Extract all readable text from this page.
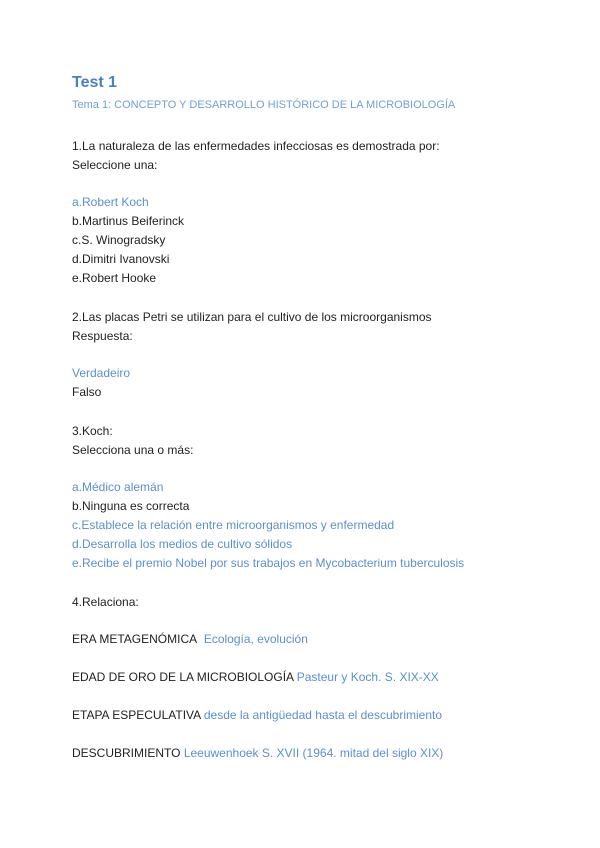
Test 1
Tema 1: CONCEPTO Y DESARROLLO HISTÓRICO DE LA MICROBIOLOGÍA
1.La naturaleza de las enfermedades infecciosas es demostrada por:
Seleccione una:
a.Robert Koch
b.Martinus Beiferinck
c.S. Winogradsky
d.Dimitri Ivanovski
e.Robert Hooke
2.Las placas Petri se utilizan para el cultivo de los microorganismos
Respuesta:
Verdadeiro
Falso
3.Koch:
Selecciona una o más:
a.Médico alemán
b.Ninguna es correcta
c.Establece la relación entre microorganismos y enfermedad
d.Desarrolla los medios de cultivo sólidos
e.Recibe el premio Nobel por sus trabajos en Mycobacterium tuberculosis
4.Relaciona:
ERA METAGENÓMICA Ecología, evolución
EDAD DE ORO DE LA MICROBIOLOGÍA Pasteur y Koch. S. XIX-XX
ETAPA ESPECULATIVA desde la antigüedad hasta el descubrimiento
DESCUBRIMIENTO Leeuwenhoek S. XVII (1964. mitad del siglo XIX)
